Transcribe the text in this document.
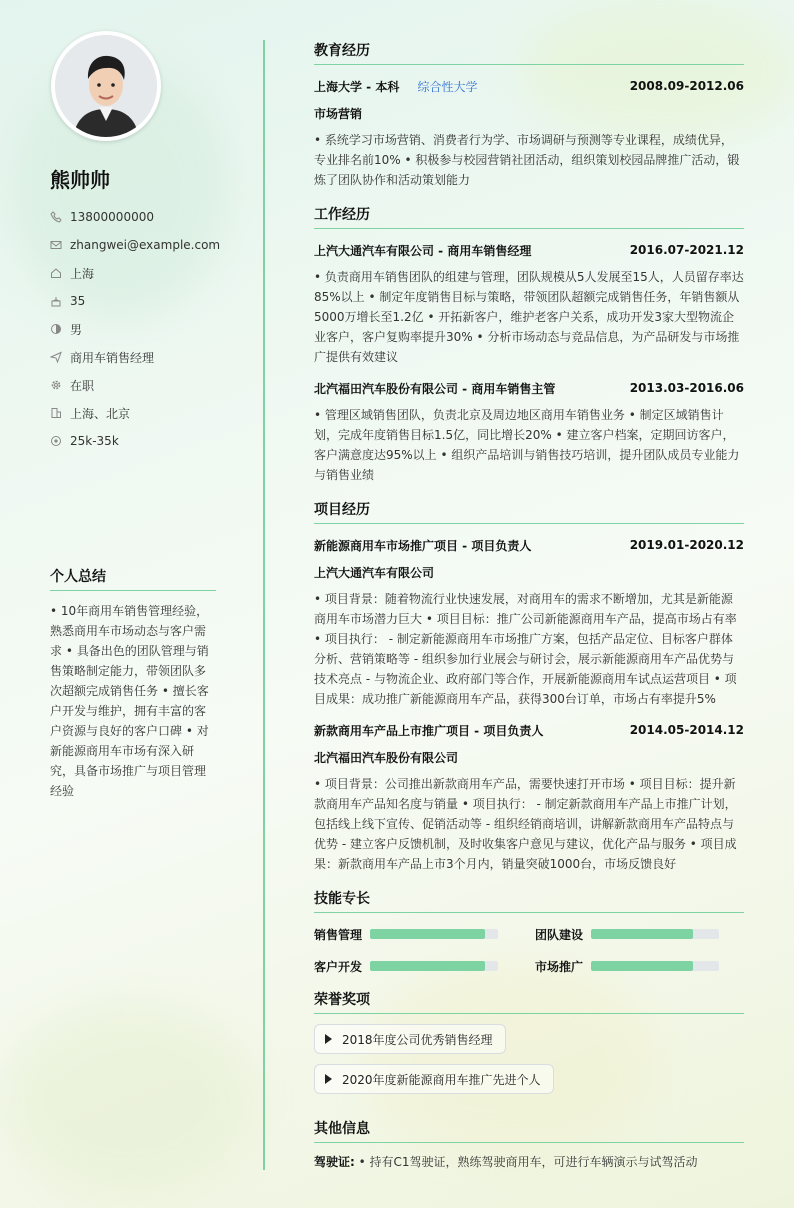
熊帅帅
13800000000
zhangwei@example.com
上海
35
男
商用车销售经理
在职
上海、北京
25k-35k
个人总结
• 10年商用车销售管理经验，熟悉商用车市场动态与客户需求 • 具备出色的团队管理与销售策略制定能力，带领团队多次超额完成销售任务 • 擅长客户开发与维护，拥有丰富的客户资源与良好的客户口碑 • 对新能源商用车市场有深入研究，具备市场推广与项目管理经验
教育经历
上海大学 - 本科 综合性大学	2008.09-2012.06
市场营销
• 系统学习市场营销、消费者行为学、市场调研与预测等专业课程，成绩优异，专业排名前10% • 积极参与校园营销社团活动，组织策划校园品牌推广活动，锻炼了团队协作和活动策划能力
工作经历
上汽大通汽车有限公司 - 商用车销售经理	2016.07-2021.12
• 负责商用车销售团队的组建与管理，团队规模从5人发展至15人，人员留存率达85%以上 • 制定年度销售目标与策略，带领团队超额完成销售任务，年销售额从5000万增长至1.2亿 • 开拓新客户，维护老客户关系，成功开发3家大型物流企业客户，客户复购率提升30% • 分析市场动态与竞品信息，为产品研发与市场推广提供有效建议
北汽福田汽车股份有限公司 - 商用车销售主管	2013.03-2016.06
• 管理区域销售团队，负责北京及周边地区商用车销售业务 • 制定区域销售计划，完成年度销售目标1.5亿，同比增长20% • 建立客户档案，定期回访客户，客户满意度达95%以上 • 组织产品培训与销售技巧培训，提升团队成员专业能力与销售业绩
项目经历
新能源商用车市场推广项目 - 项目负责人	2019.01-2020.12
上汽大通汽车有限公司
• 项目背景：随着物流行业快速发展，对商用车的需求不断增加，尤其是新能源商用车市场潜力巨大 • 项目目标：推广公司新能源商用车产品，提高市场占有率 • 项目执行： - 制定新能源商用车市场推广方案，包括产品定位、目标客户群体分析、营销策略等 - 组织参加行业展会与研讨会，展示新能源商用车产品优势与技术亮点 - 与物流企业、政府部门等合作，开展新能源商用车试点运营项目 • 项目成果：成功推广新能源商用车产品，获得300台订单，市场占有率提升5%
新款商用车产品上市推广项目 - 项目负责人	2014.05-2014.12
北汽福田汽车股份有限公司
• 项目背景：公司推出新款商用车产品，需要快速打开市场 • 项目目标：提升新款商用车产品知名度与销量 • 项目执行： - 制定新款商用车产品上市推广计划，包括线上线下宣传、促销活动等 - 组织经销商培训，讲解新款商用车产品特点与优势 - 建立客户反馈机制，及时收集客户意见与建议，优化产品与服务 • 项目成果：新款商用车产品上市3个月内，销量突破1000台，市场反馈良好
技能专长
销售管理	团队建设
客户开发	市场推广
荣誉奖项
2018年度公司优秀销售经理
2020年度新能源商用车推广先进个人
其他信息
驾驶证: • 持有C1驾驶证，熟练驾驶商用车，可进行车辆演示与试驾活动
